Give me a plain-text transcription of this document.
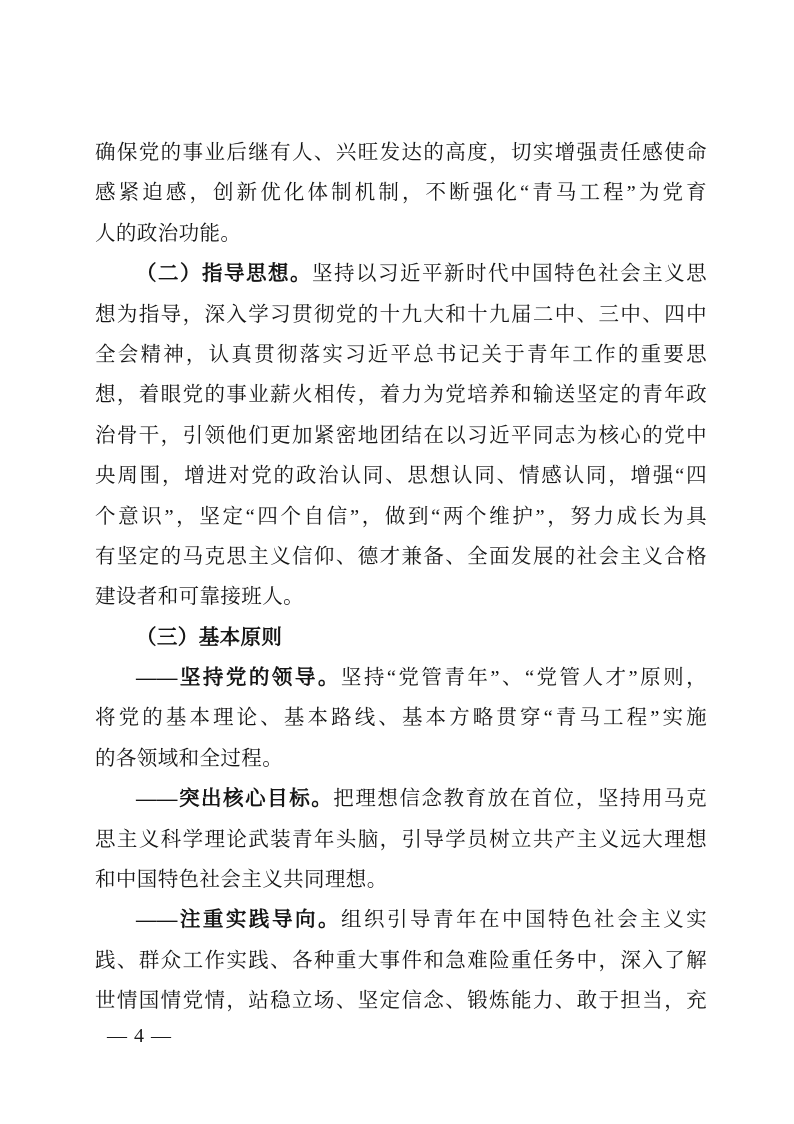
确保党的事业后继有人、兴旺发达的高度，切实增强责任感使命
感紧迫感，创新优化体制机制，不断强化“青马工程”为党育
人的政治功能。
（二）指导思想。坚持以习近平新时代中国特色社会主义思
想为指导，深入学习贯彻党的十九大和十九届二中、三中、四中
全会精神，认真贯彻落实习近平总书记关于青年工作的重要思
想，着眼党的事业薪火相传，着力为党培养和输送坚定的青年政
治骨干，引领他们更加紧密地团结在以习近平同志为核心的党中
央周围，增进对党的政治认同、思想认同、情感认同，增强“四
个意识”，坚定“四个自信”，做到“两个维护”，努力成长为具
有坚定的马克思主义信仰、德才兼备、全面发展的社会主义合格
建设者和可靠接班人。
（三）基本原则
——坚持党的领导。坚持“党管青年”、“党管人才”原则，
将党的基本理论、基本路线、基本方略贯穿“青马工程”实施
的各领域和全过程。
——突出核心目标。把理想信念教育放在首位，坚持用马克
思主义科学理论武装青年头脑，引导学员树立共产主义远大理想
和中国特色社会主义共同理想。
——注重实践导向。组织引导青年在中国特色社会主义实
践、群众工作实践、各种重大事件和急难险重任务中，深入了解
世情国情党情，站稳立场、坚定信念、锻炼能力、敢于担当，充
— 4 —
